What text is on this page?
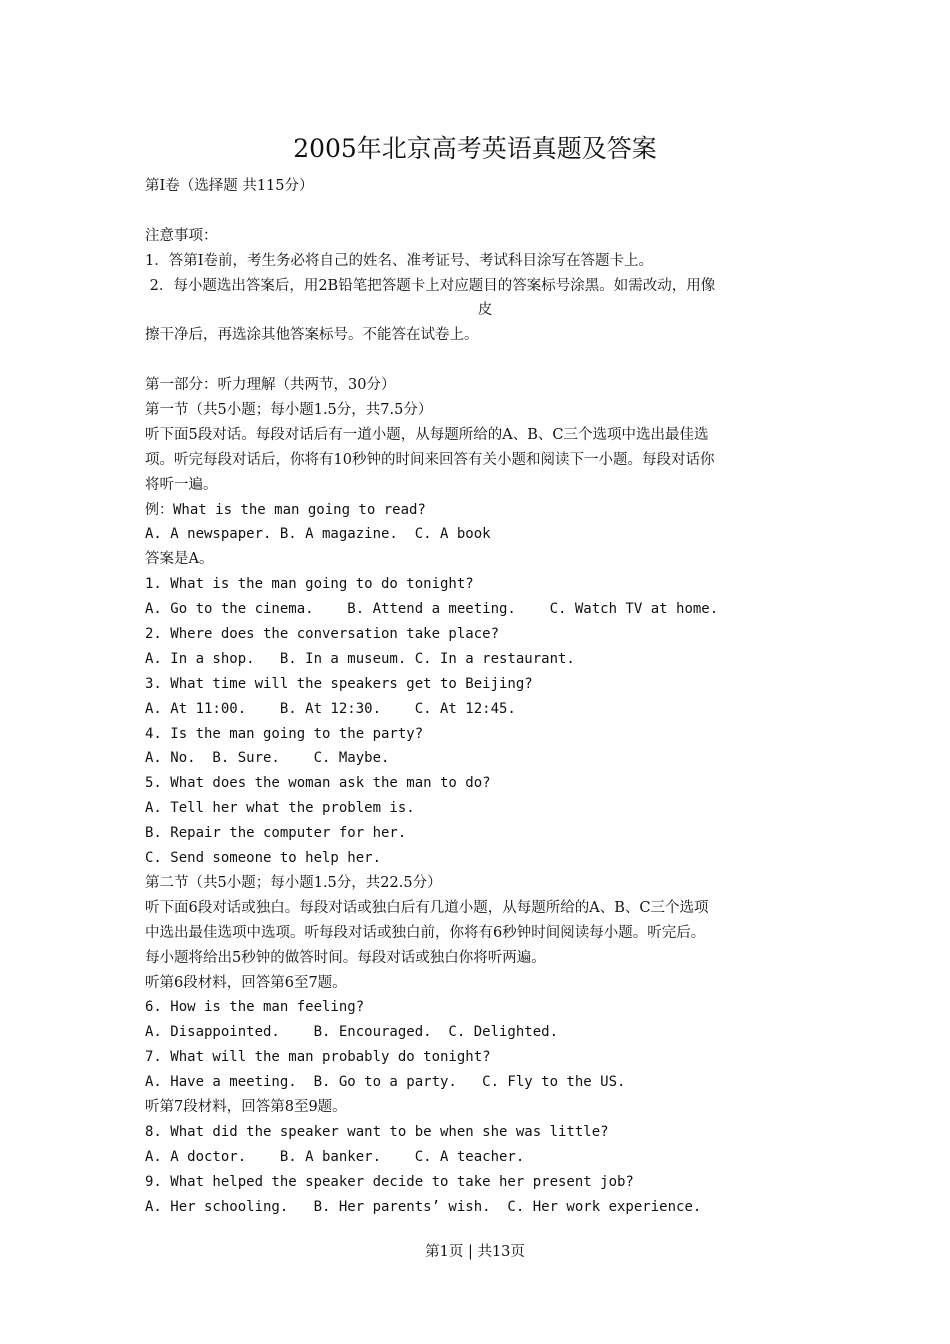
2005年北京高考英语真题及答案
第Ⅰ卷（选择题 共115分）
注意事项：
1．答第Ⅰ卷前，考生务必将自己的姓名、准考证号、考试科目涂写在答题卡上。
2．每小题选出答案后，用2B铅笔把答题卡上对应题目的答案标号涂黑。如需改动，用像
皮
擦干净后，再选涂其他答案标号。不能答在试卷上。
第一部分：听力理解（共两节，30分）
第一节（共5小题；每小题1.5分，共7.5分）
听下面5段对话。每段对话后有一道小题，从每题所给的A、B、C三个选项中选出最佳选
项。听完每段对话后，你将有10秒钟的时间来回答有关小题和阅读下一小题。每段对话你
将听一遍。
例：What is the man going to read?
A. A newspaper. B. A magazine.  C. A book
答案是A。
1. What is the man going to do tonight?
A. Go to the cinema.    B. Attend a meeting.    C. Watch TV at home.
2. Where does the conversation take place?
A. In a shop.   B. In a museum. C. In a restaurant.
3. What time will the speakers get to Beijing?
A. At 11:00.    B. At 12:30.    C. At 12:45.
4. Is the man going to the party?
A. No.  B. Sure.    C. Maybe.
5. What does the woman ask the man to do?
A. Tell her what the problem is.
B. Repair the computer for her.
C. Send someone to help her.
第二节（共5小题；每小题1.5分，共22.5分）
听下面6段对话或独白。每段对话或独白后有几道小题，从每题所给的A、B、C三个选项
中选出最佳选项中选项。听每段对话或独白前，你将有6秒钟时间阅读每小题。听完后。
每小题将给出5秒钟的做答时间。每段对话或独白你将听两遍。
听第6段材料，回答第6至7题。
6. How is the man feeling?
A. Disappointed.    B. Encouraged.  C. Delighted.
7. What will the man probably do tonight?
A. Have a meeting.  B. Go to a party.   C. Fly to the US.
听第7段材料，回答第8至9题。
8. What did the speaker want to be when she was little?
A. A doctor.    B. A banker.    C. A teacher.
9. What helped the speaker decide to take her present job?
A. Her schooling.   B. Her parents’ wish.  C. Her work experience.
第1页 | 共13页
